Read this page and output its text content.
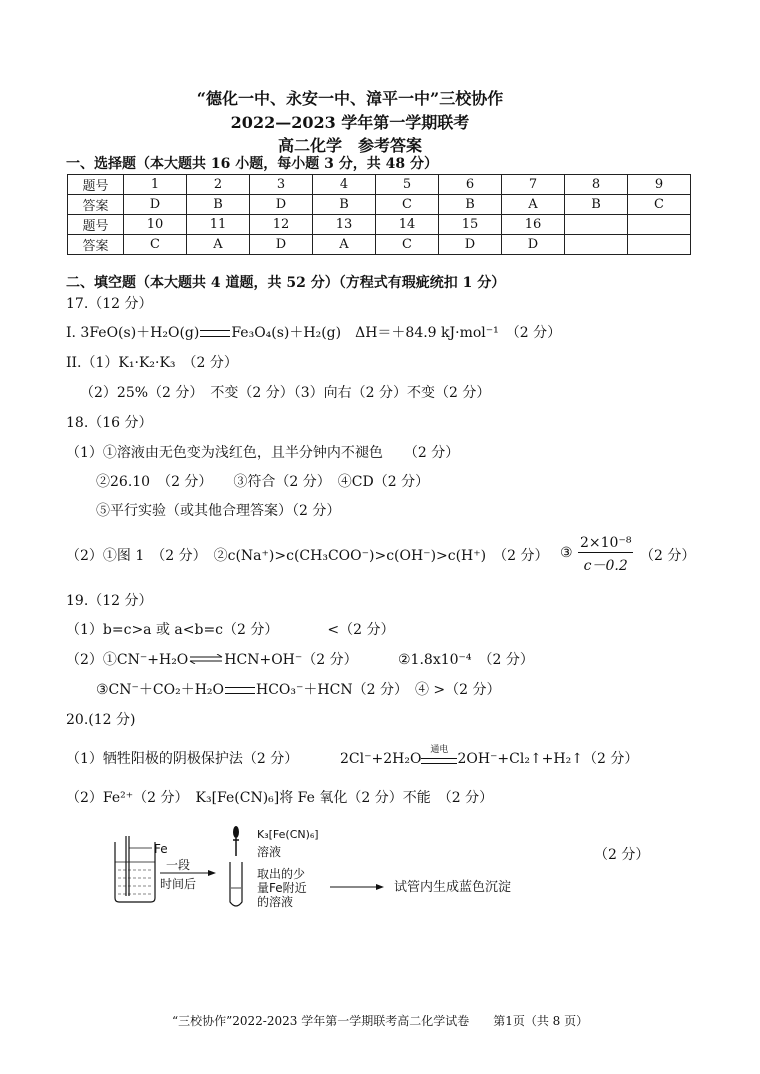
“德化一中、永安一中、漳平一中”三校协作
2022—2023 学年第一学期联考
高二化学　参考答案
一、选择题（本大题共 16 小题，每小题 3 分，共 48 分）
题号	1	2	3	4	5	6	7	8	9
答案	D	B	D	B	C	B	A	B	C
题号	10	11	12	13	14	15	16		
答案	C	A	D	A	C	D	D		
二、填空题（本大题共 4 道题，共 52 分）（方程式有瑕疵统扣 1 分）
17.（12 分）
I. 3FeO(s)＋H₂O(g) Fe₃O₄(s)＋H₂(g)　ΔH＝＋84.9 kJ·mol⁻¹　（2 分）
II.（1）K₁·K₂·K₃　（2 分）
（2）25%（2 分）　不变（2 分）（3）向右（2 分）不变（2 分）
18.（16 分）
（1）①溶液由无色变为浅红色，且半分钟内不褪色　　（2 分）
②26.10　（2 分）　　③符合（2 分）　④CD（2 分）
⑤平行实验（或其他合理答案）（2 分）
（2）①图 1　（2 分）　②c(Na⁺)>c(CH₃COO⁻)>c(OH⁻)>c(H⁺)　（2 分） ③ $\frac{\text{2×10⁻⁸}}{c-0.2} (2$ 分）
19.（12 分）
（1）b=c>a 或 a<b=c（2 分）　　　　<（2 分）
（2）①CN⁻+H₂O⇌HCN+OH⁻（2 分）	②1.8x10⁻⁴　（2 分）
③CN⁻＋CO₂＋H₂O HCO₃⁻＋HCN（2 分）　④ >（2 分）
20.(12 分)
（1）牺牲阳极的阴极保护法（2 分）	2Cl⁻+2H₂O
通电
2OH⁻+Cl₂↑+H₂↑（2 分）
（2）Fe²⁺（2 分）　K₃[Fe(CN)₆]将 Fe 氧化（2 分）不能　（2 分）
Fe
一段
时间后
K₃[Fe(CN)₆]
溶液
取出的少
量Fe附近
的溶液
试管内生成蓝色沉淀
（2 分）
“三校协作”2022-2023 学年第一学期联考高二化学试卷　　第1页（共 8 页）
